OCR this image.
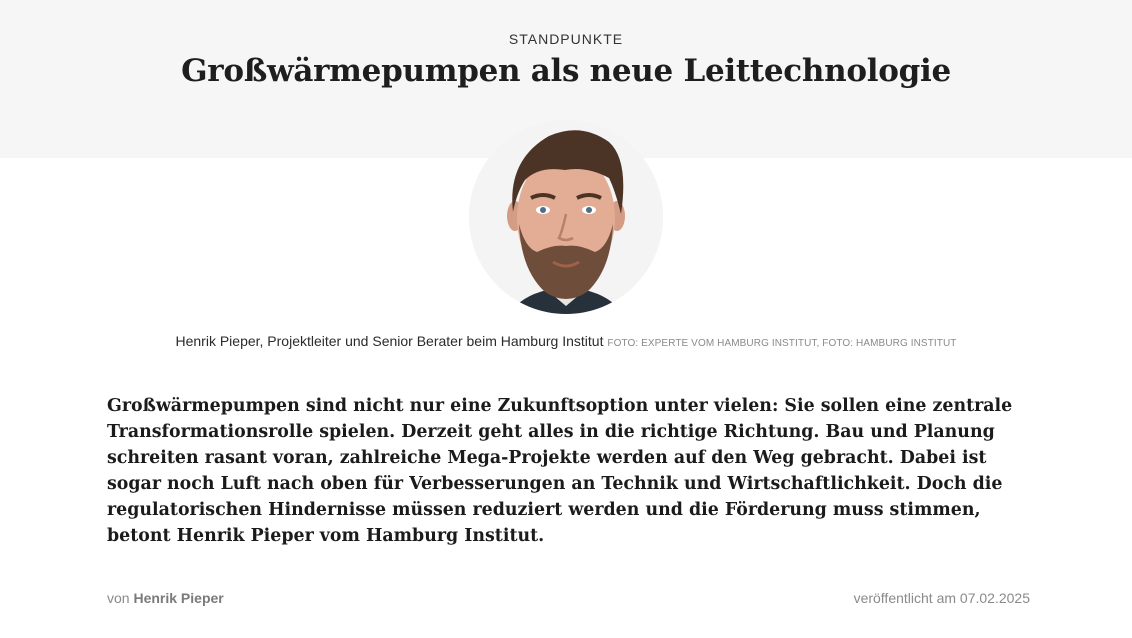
STANDPUNKTE
Großwärmepumpen als neue Leittechnologie
Henrik Pieper, Projektleiter und Senior Berater beim Hamburg Institut FOTO: EXPERTE VOM HAMBURG INSTITUT, FOTO: HAMBURG INSTITUT

Großwärmepumpen sind nicht nur eine Zukunftsoption unter vielen: Sie sollen eine zentrale Transformationsrolle spielen. Derzeit geht alles in die richtige Richtung. Bau und Planung schreiten rasant voran, zahlreiche Mega-Projekte werden auf den Weg gebracht. Dabei ist sogar noch Luft nach oben für Verbesserungen an Technik und Wirtschaftlichkeit. Doch die regulatorischen Hindernisse müssen reduziert werden und die Förderung muss stimmen, betont Henrik Pieper vom Hamburg Institut.

von Henrik Pieper	veröffentlicht am 07.02.2025
